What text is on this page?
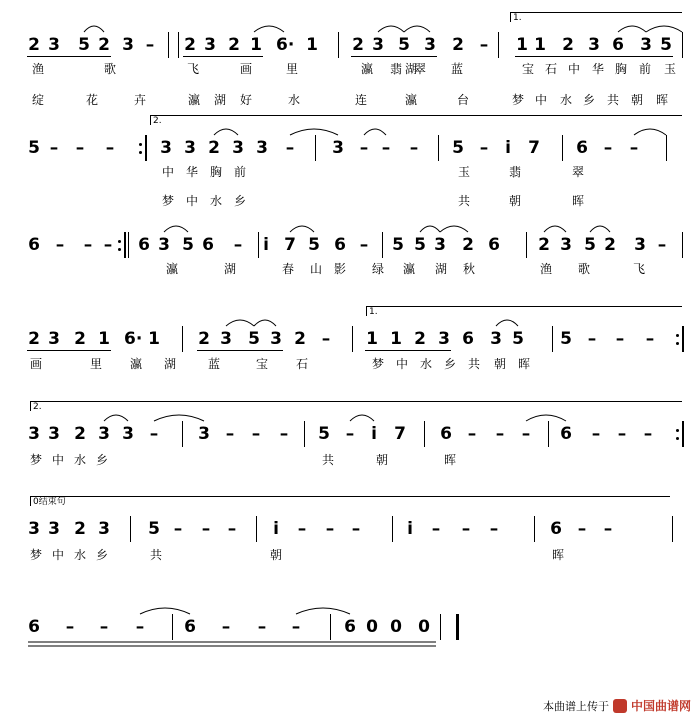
2 3 5 2 3 – 2 3 2 1 6· 1 2 3 5 3 2 – 1 1 2 3 6 3 5
渔	歌	飞	画	里	瀛	湖	蓝	宝 石 中 华 胸 前 玉
翡 翠
绽	花	卉	瀛 湖 好	水	连	瀛	台	梦 中 水 乡 共 朝 晖
1.
5 – – –	3 3 2 3 3 – 3 – – – 5 – i 7 6 – –
中 华 胸 前	玉	翡	翠
梦 中 水 乡	共	朝	晖
2.
6 – – – 6 3 5 6 – i 7 5 6 – 5 5 3 2 6 2 3 5 2 3 –
瀛	湖	春 山 影 绿 瀛 湖 秋	渔 歌	飞
2 3 2 1 6· 1 2 3 5 3 2 – 1 1 2 3 6 3 5 5 – – –
画	里 瀛 湖	蓝	宝 石	梦 中 水 乡 共 朝 晖
1.
3 3 2 3 3 – 3 – – – 5 – i 7 6 – – – 6 – – –
梦 中 水 乡	共	朝	晖
2.
3 3 2 3 5 – – – i – – –	i – – –	6 – –
梦 中 水 乡	共	朝	晖
0结束句
6 – – – 6 – – –	6 0 0 0
本曲谱上传于 中国曲谱网
